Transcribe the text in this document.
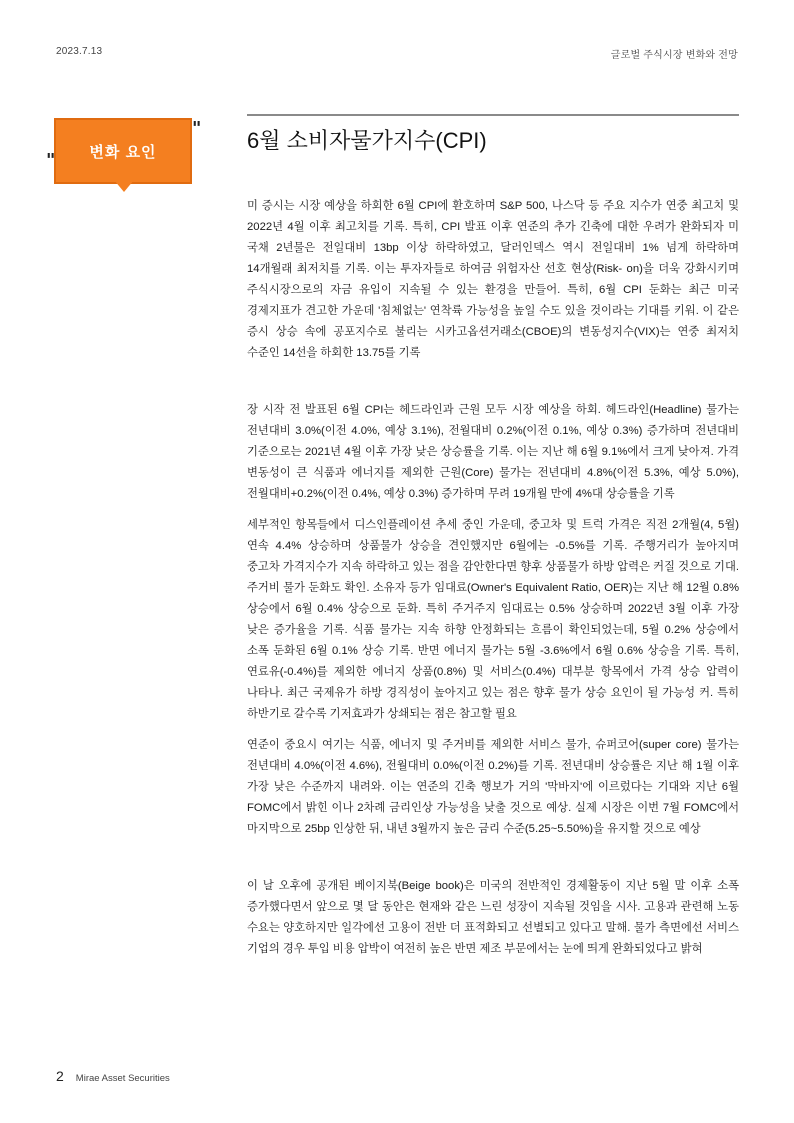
2023.7.13	글로벌 주식시장 변화와 전망
변화 요인
"
" 6월 소비자물가지수(CPI)

미 증시는 시장 예상을 하회한 6월 CPI에 환호하며 S&P 500, 나스닥 등 주요 지수가 연중 최고치 및 2022년 4월 이후 최고치를 기록. 특히, CPI 발표 이후 연준의 추가 긴축에 대한 우려가 완화되자 미 국채 2년물은 전일대비 13bp 이상 하락하였고, 달러인덱스 역시 전일대비 1% 넘게 하락하며 14개월래 최저치를 기록. 이는 투자자들로 하여금 위험자산 선호 현상(Risk- on)을 더욱 강화시키며 주식시장으로의 자금 유입이 지속될 수 있는 환경을 만들어. 특히, 6월 CPI 둔화는 최근 미국 경제지표가 견고한 가운데 '침체없는' 연착륙 가능성을 높일 수도 있을 것이라는 기대를 키워. 이 같은 증시 상승 속에 공포지수로 불리는 시카고옵션거래소(CBOE)의 변동성지수(VIX)는 연중 최저치 수준인 14선을 하회한 13.75를 기록

장 시작 전 발표된 6월 CPI는 헤드라인과 근원 모두 시장 예상을 하회. 헤드라인(Headline) 물가는 전년대비 3.0%(이전 4.0%, 예상 3.1%), 전월대비 0.2%(이전 0.1%, 예상 0.3%) 증가하며 전년대비 기준으로는 2021년 4월 이후 가장 낮은 상승률을 기록. 이는 지난 해 6월 9.1%에서 크게 낮아져. 가격 변동성이 큰 식품과 에너지를 제외한 근원(Core) 물가는 전년대비 4.8%(이전 5.3%, 예상 5.0%), 전월대비+0.2%(이전 0.4%, 예상 0.3%) 증가하며 무려 19개월 만에 4%대 상승률을 기록

세부적인 항목들에서 디스인플레이션 추세 중인 가운데, 중고차 및 트럭 가격은 직전 2개월(4, 5월) 연속 4.4% 상승하며 상품물가 상승을 견인했지만 6월에는 -0.5%를 기록. 주행거리가 높아지며 중고차 가격지수가 지속 하락하고 있는 점을 감안한다면 향후 상품물가 하방 압력은 커질 것으로 기대. 주거비 물가 둔화도 확인. 소유자 등가 임대료(Owner's Equivalent Ratio, OER)는 지난 해 12월 0.8% 상승에서 6월 0.4% 상승으로 둔화. 특히 주거주지 임대료는 0.5% 상승하며 2022년 3월 이후 가장 낮은 증가율을 기록. 식품 물가는 지속 하향 안정화되는 흐름이 확인되었는데, 5월 0.2% 상승에서 소폭 둔화된 6월 0.1% 상승 기록. 반면 에너지 물가는 5월 -3.6%에서 6월 0.6% 상승을 기록. 특히, 연료유(-0.4%)를 제외한 에너지 상품(0.8%) 및 서비스(0.4%) 대부분 항목에서 가격 상승 압력이 나타나. 최근 국제유가 하방 경직성이 높아지고 있는 점은 향후 물가 상승 요인이 될 가능성 커. 특히 하반기로 갈수록 기저효과가 상쇄되는 점은 참고할 필요

연준이 중요시 여기는 식품, 에너지 및 주거비를 제외한 서비스 물가, 슈퍼코어(super core) 물가는 전년대비 4.0%(이전 4.6%), 전월대비 0.0%(이전 0.2%)를 기록. 전년대비 상승률은 지난 해 1월 이후 가장 낮은 수준까지 내려와. 이는 연준의 긴축 행보가 거의 '막바지'에 이르렀다는 기대와 지난 6월 FOMC에서 밝힌 이나 2차례 금리인상 가능성을 낮출 것으로 예상. 실제 시장은 이번 7월 FOMC에서 마지막으로 25bp 인상한 뒤, 내년 3월까지 높은 금리 수준(5.25~5.50%)을 유지할 것으로 예상

이 날 오후에 공개된 베이지북(Beige book)은 미국의 전반적인 경제활동이 지난 5월 말 이후 소폭 증가했다면서 앞으로 몇 달 동안은 현재와 같은 느린 성장이 지속될 것임을 시사. 고용과 관련해 노동 수요는 양호하지만 일각에선 고용이 전반 더 표적화되고 선별되고 있다고 말해. 물가 측면에선 서비스 기업의 경우 투입 비용 압박이 여전히 높은 반면 제조 부문에서는 눈에 띄게 완화되었다고 밝혀

2 Mirae Asset Securities
